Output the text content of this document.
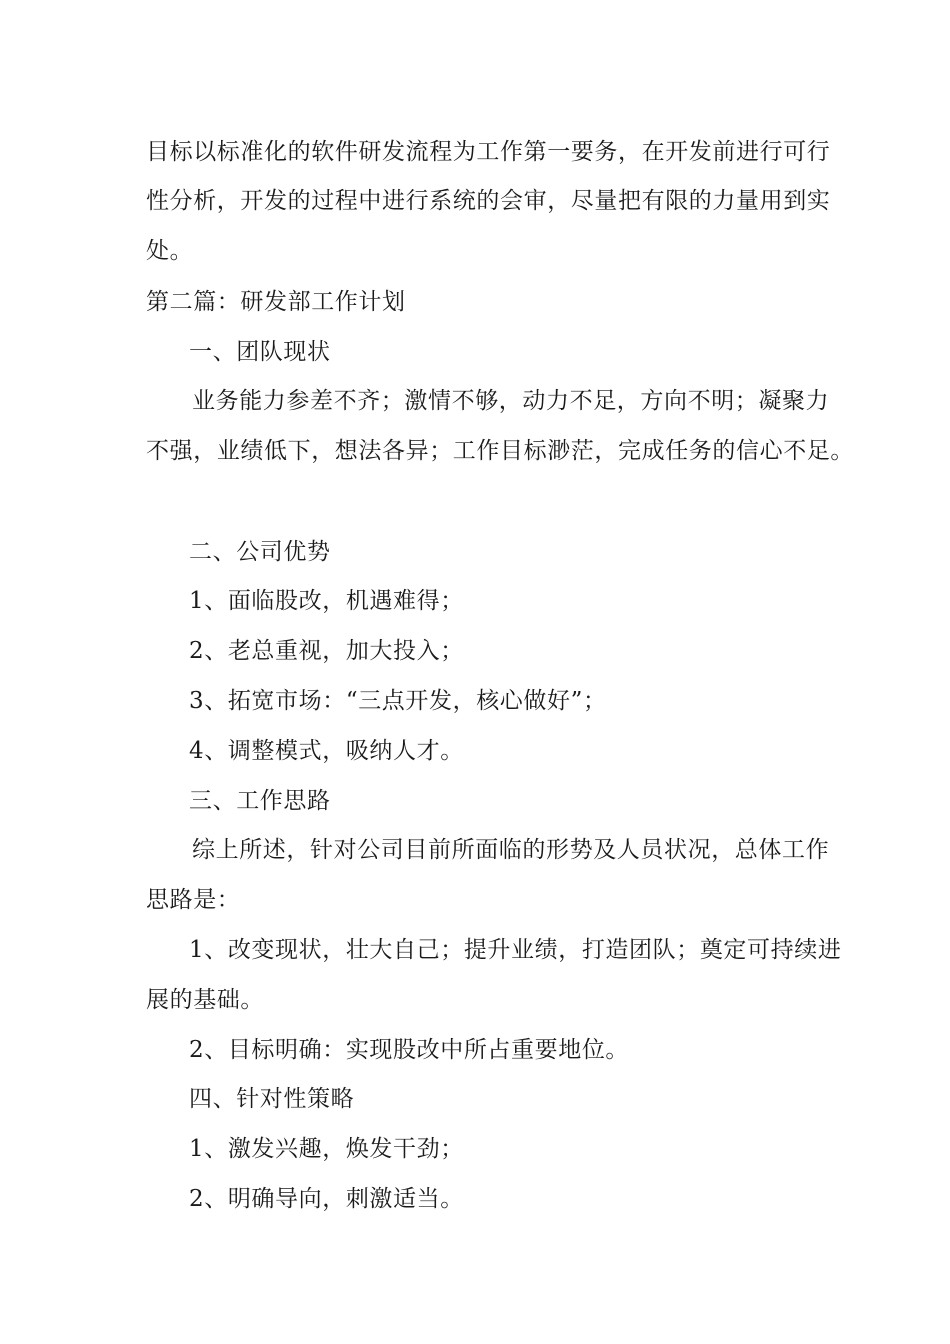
目标以标准化的软件研发流程为工作第一要务，在开发前进行可行
性分析，开发的过程中进行系统的会审，尽量把有限的力量用到实
处。
第二篇：研发部工作计划
一、团队现状
业务能力参差不齐；激情不够，动力不足，方向不明；凝聚力
不强，业绩低下，想法各异；工作目标渺茫，完成任务的信心不足。
二、公司优势
1、面临股改，机遇难得；
2、老总重视，加大投入；
3、拓宽市场：“三点开发，核心做好”；
4、调整模式，吸纳人才。
三、工作思路
综上所述，针对公司目前所面临的形势及人员状况，总体工作
思路是：
1、改变现状，壮大自己；提升业绩，打造团队；奠定可持续进
展的基础。
2、目标明确：实现股改中所占重要地位。
四、针对性策略
1、激发兴趣，焕发干劲；
2、明确导向，刺激适当。
